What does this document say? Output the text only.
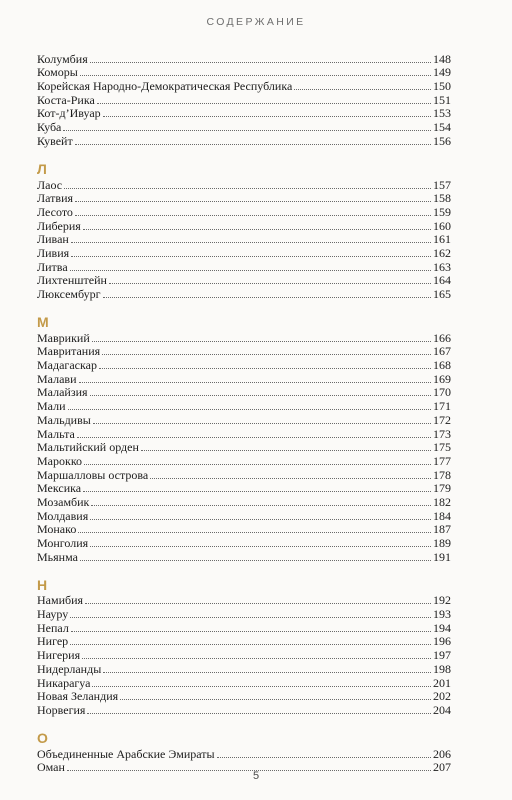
СОДЕРЖАНИЕ
Колумбия	148
Коморы	149
Корейская Народно-Демократическая Республика	150
Коста-Рика	151
Кот-д’Ивуар	153
Куба	154
Кувейт	156
Л
Лаос	157
Латвия	158
Лесото	159
Либерия	160
Ливан	161
Ливия	162
Литва	163
Лихтенштейн	164
Люксембург	165
М
Маврикий	166
Мавритания	167
Мадагаскар	168
Малави	169
Малайзия	170
Мали	171
Мальдивы	172
Мальта	173
Мальтийский орден	175
Марокко	177
Маршалловы острова	178
Мексика	179
Мозамбик	182
Молдавия	184
Монако	187
Монголия	189
Мьянма	191
Н
Намибия	192
Науру	193
Непал	194
Нигер	196
Нигерия	197
Нидерланды	198
Никарагуа	201
Новая Зеландия	202
Норвегия	204
О
Объединенные Арабские Эмираты	206
Оман	207
5
